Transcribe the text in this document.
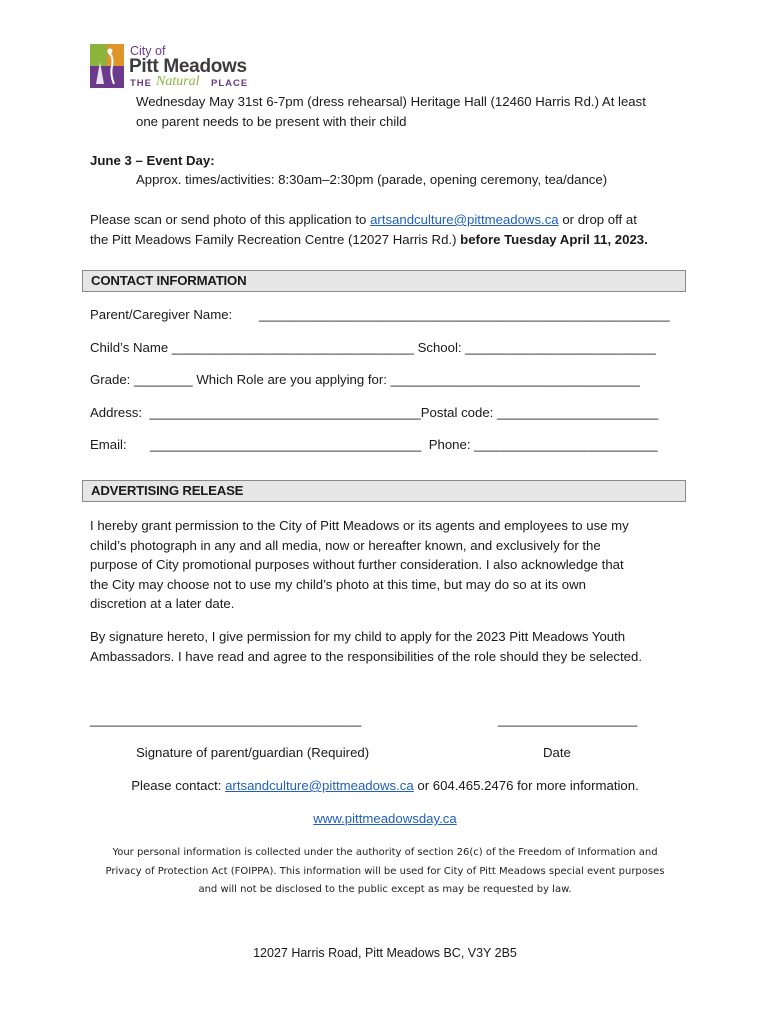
City of
Pitt Meadows
THE Natural PLACE
Wednesday May 31st 6-7pm (dress rehearsal) Heritage Hall (12460 Harris Rd.) At least
one parent needs to be present with their child
June 3 – Event Day:
Approx. times/activities: 8:30am–2:30pm (parade, opening ceremony, tea/dance)
Please scan or send photo of this application to artsandculture@pittmeadows.ca or drop off at
the Pitt Meadows Family Recreation Centre (12027 Harris Rd.) before Tuesday April 11, 2023.
CONTACT INFORMATION
Parent/Caregiver Name: ________________________________________________________
Child’s Name _________________________________ School: __________________________
Grade: ________ Which Role are you applying for: __________________________________
Address: _____________________________________Postal code: ______________________
Email: _____________________________________ Phone: _________________________
ADVERTISING RELEASE
I hereby grant permission to the City of Pitt Meadows or its agents and employees to use my
child’s photograph in any and all media, now or hereafter known, and exclusively for the
purpose of City promotional purposes without further consideration. I also acknowledge that
the City may choose not to use my child’s photo at this time, but may do so at its own
discretion at a later date.
By signature hereto, I give permission for my child to apply for the 2023 Pitt Meadows Youth
Ambassadors. I have read and agree to the responsibilities of the role should they be selected.
_____________________________________	___________________
Signature of parent/guardian (Required)	Date
Please contact: artsandculture@pittmeadows.ca or 604.465.2476 for more information.
www.pittmeadowsday.ca
Your personal information is collected under the authority of section 26(c) of the Freedom of Information and
Privacy of Protection Act (FOIPPA). This information will be used for City of Pitt Meadows special event purposes
and will not be disclosed to the public except as may be requested by law.
12027 Harris Road, Pitt Meadows BC, V3Y 2B5
